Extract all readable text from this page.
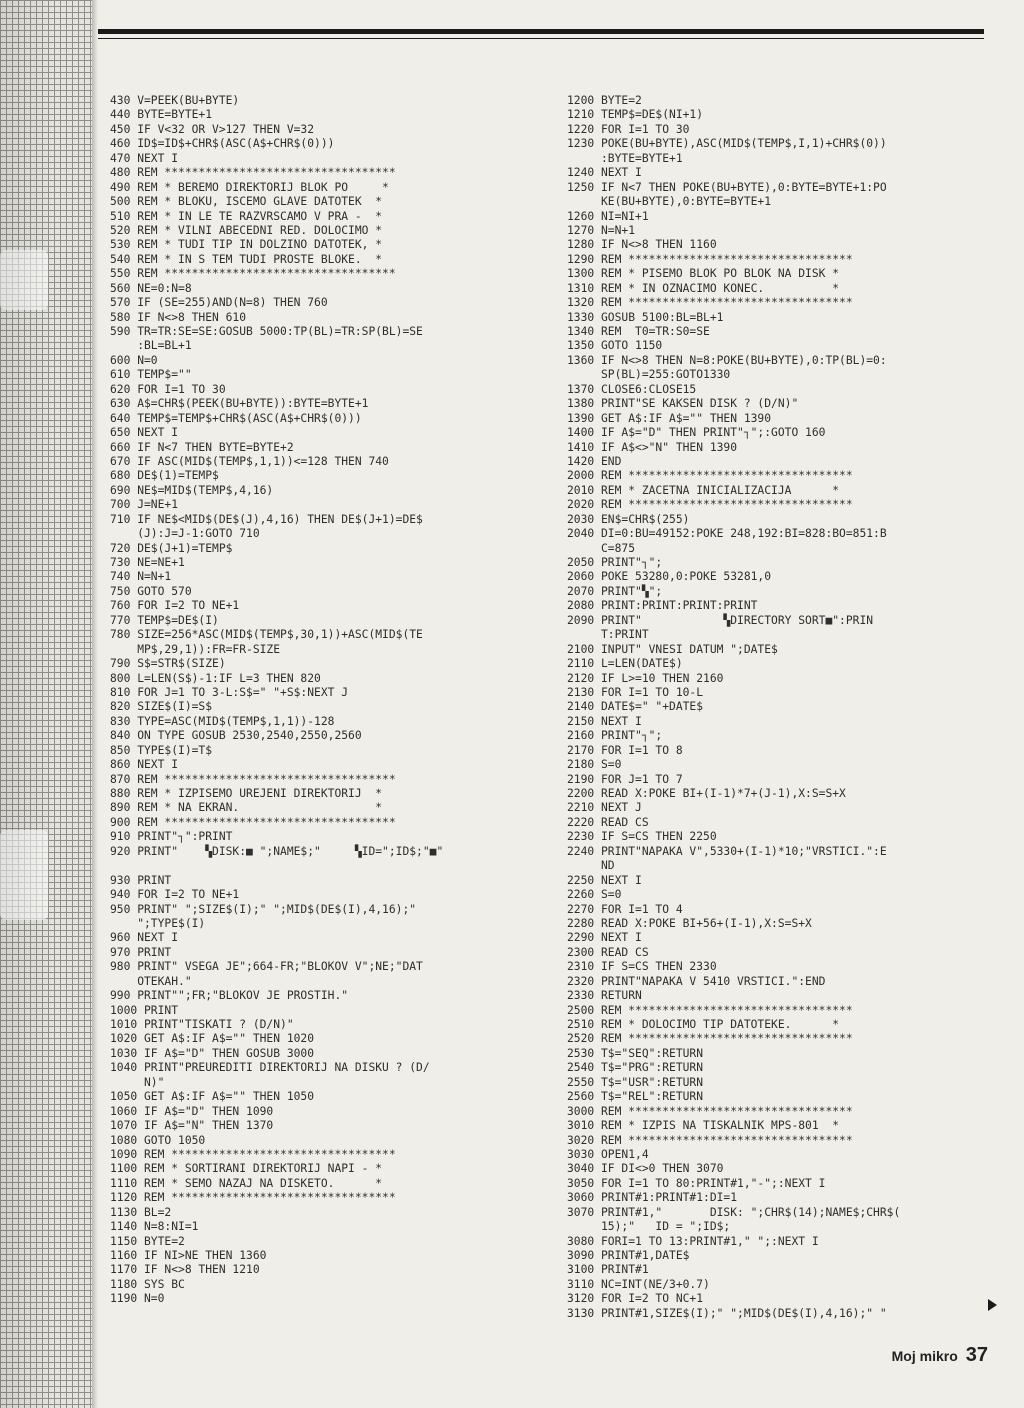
430 V=PEEK(BU+BYTE)
440 BYTE=BYTE+1
450 IF V<32 OR V>127 THEN V=32
460 ID$=ID$+CHR$(ASC(A$+CHR$(0)))
470 NEXT I
480 REM **********************************
490 REM * BEREMO DIREKTORIJ BLOK PO     *
500 REM * BLOKU, ISCEMO GLAVE DATOTEK  *
510 REM * IN LE TE RAZVRSCAMO V PRA -  *
520 REM * VILNI ABECEDNI RED. DOLOCIMO *
530 REM * TUDI TIP IN DOLZINO DATOTEK, *
540 REM * IN S TEM TUDI PROSTE BLOKE.  *
550 REM **********************************
560 NE=0:N=8
570 IF (SE=255)AND(N=8) THEN 760
580 IF N<>8 THEN 610
590 TR=TR:SE=SE:GOSUB 5000:TP(BL)=TR:SP(BL)=SE
:BL=BL+1
600 N=0
610 TEMP$=""
620 FOR I=1 TO 30
630 A$=CHR$(PEEK(BU+BYTE)):BYTE=BYTE+1
640 TEMP$=TEMP$+CHR$(ASC(A$+CHR$(0)))
650 NEXT I
660 IF N<7 THEN BYTE=BYTE+2
670 IF ASC(MID$(TEMP$,1,1))<=128 THEN 740
680 DE$(1)=TEMP$
690 NE$=MID$(TEMP$,4,16)
700 J=NE+1
710 IF NE$<MID$(DE$(J),4,16) THEN DE$(J+1)=DE$
(J):J=J-1:GOTO 710
720 DE$(J+1)=TEMP$
730 NE=NE+1
740 N=N+1
750 GOTO 570
760 FOR I=2 TO NE+1
770 TEMP$=DE$(I)
780 SIZE=256*ASC(MID$(TEMP$,30,1))+ASC(MID$(TE
MP$,29,1)):FR=FR-SIZE
790 S$=STR$(SIZE)
800 L=LEN(S$)-1:IF L=3 THEN 820
810 FOR J=1 TO 3-L:S$=" "+S$:NEXT J
820 SIZE$(I)=S$
830 TYPE=ASC(MID$(TEMP$,1,1))-128
840 ON TYPE GOSUB 2530,2540,2550,2560
850 TYPE$(I)=T$
860 NEXT I
870 REM **********************************
880 REM * IZPISEMO UREJENI DIREKTORIJ  *
890 REM * NA EKRAN.                    *
900 REM **********************************
910 PRINT"┐":PRINT
920 PRINT"    ▚DISK:■ ";NAME$;"     ▚ID=";ID$;"■"
930 PRINT
940 FOR I=2 TO NE+1
950 PRINT" ";SIZE$(I);" ";MID$(DE$(I),4,16);"
";TYPE$(I)
960 NEXT I
970 PRINT
980 PRINT" VSEGA JE";664-FR;"BLOKOV V";NE;"DAT
OTEKAH."
990 PRINT"";FR;"BLOKOV JE PROSTIH."
1000 PRINT
1010 PRINT"TISKATI ? (D/N)"
1020 GET A$:IF A$="" THEN 1020
1030 IF A$="D" THEN GOSUB 3000
1040 PRINT"PREUREDITI DIREKTORIJ NA DISKU ? (D/
N)"
1050 GET A$:IF A$="" THEN 1050
1060 IF A$="D" THEN 1090
1070 IF A$="N" THEN 1370
1080 GOTO 1050
1090 REM *********************************
1100 REM * SORTIRANI DIREKTORIJ NAPI - *
1110 REM * SEMO NAZAJ NA DISKETO.      *
1120 REM *********************************
1130 BL=2
1140 N=8:NI=1
1150 BYTE=2
1160 IF NI>NE THEN 1360
1170 IF N<>8 THEN 1210
1180 SYS BC
1190 N=0
1200 BYTE=2
1210 TEMP$=DE$(NI+1)
1220 FOR I=1 TO 30
1230 POKE(BU+BYTE),ASC(MID$(TEMP$,I,1)+CHR$(0))
:BYTE=BYTE+1
1240 NEXT I
1250 IF N<7 THEN POKE(BU+BYTE),0:BYTE=BYTE+1:PO
KE(BU+BYTE),0:BYTE=BYTE+1
1260 NI=NI+1
1270 N=N+1
1280 IF N<>8 THEN 1160
1290 REM *********************************
1300 REM * PISEMO BLOK PO BLOK NA DISK *
1310 REM * IN OZNACIMO KONEC.          *
1320 REM *********************************
1330 GOSUB 5100:BL=BL+1
1340 REM  T0=TR:S0=SE
1350 GOTO 1150
1360 IF N<>8 THEN N=8:POKE(BU+BYTE),0:TP(BL)=0:
SP(BL)=255:GOTO1330
1370 CLOSE6:CLOSE15
1380 PRINT"SE KAKSEN DISK ? (D/N)"
1390 GET A$:IF A$="" THEN 1390
1400 IF A$="D" THEN PRINT"┐";:GOTO 160
1410 IF A$<>"N" THEN 1390
1420 END
2000 REM *********************************
2010 REM * ZACETNA INICIALIZACIJA      *
2020 REM *********************************
2030 EN$=CHR$(255)
2040 DI=0:BU=49152:POKE 248,192:BI=828:BO=851:B
C=875
2050 PRINT"┐";
2060 POKE 53280,0:POKE 53281,0
2070 PRINT"▚";
2080 PRINT:PRINT:PRINT:PRINT
2090 PRINT"            ▚DIRECTORY SORT■":PRIN
T:PRINT
2100 INPUT" VNESI DATUM ";DATE$
2110 L=LEN(DATE$)
2120 IF L>=10 THEN 2160
2130 FOR I=1 TO 10-L
2140 DATE$=" "+DATE$
2150 NEXT I
2160 PRINT"┐";
2170 FOR I=1 TO 8
2180 S=0
2190 FOR J=1 TO 7
2200 READ X:POKE BI+(I-1)*7+(J-1),X:S=S+X
2210 NEXT J
2220 READ CS
2230 IF S=CS THEN 2250
2240 PRINT"NAPAKA V",5330+(I-1)*10;"VRSTICI.":E
ND
2250 NEXT I
2260 S=0
2270 FOR I=1 TO 4
2280 READ X:POKE BI+56+(I-1),X:S=S+X
2290 NEXT I
2300 READ CS
2310 IF S=CS THEN 2330
2320 PRINT"NAPAKA V 5410 VRSTICI.":END
2330 RETURN
2500 REM *********************************
2510 REM * DOLOCIMO TIP DATOTEKE.      *
2520 REM *********************************
2530 T$="SEQ":RETURN
2540 T$="PRG":RETURN
2550 T$="USR":RETURN
2560 T$="REL":RETURN
3000 REM *********************************
3010 REM * IZPIS NA TISKALNIK MPS-801  *
3020 REM *********************************
3030 OPEN1,4
3040 IF DI<>0 THEN 3070
3050 FOR I=1 TO 80:PRINT#1,"-";:NEXT I
3060 PRINT#1:PRINT#1:DI=1
3070 PRINT#1,"       DISK: ";CHR$(14);NAME$;CHR$(
15);"   ID = ";ID$;
3080 FORI=1 TO 13:PRINT#1," ";:NEXT I
3090 PRINT#1,DATE$
3100 PRINT#1
3110 NC=INT(NE/3+0.7)
3120 FOR I=2 TO NC+1
3130 PRINT#1,SIZE$(I);" ";MID$(DE$(I),4,16);" "
Moj mikro 37
